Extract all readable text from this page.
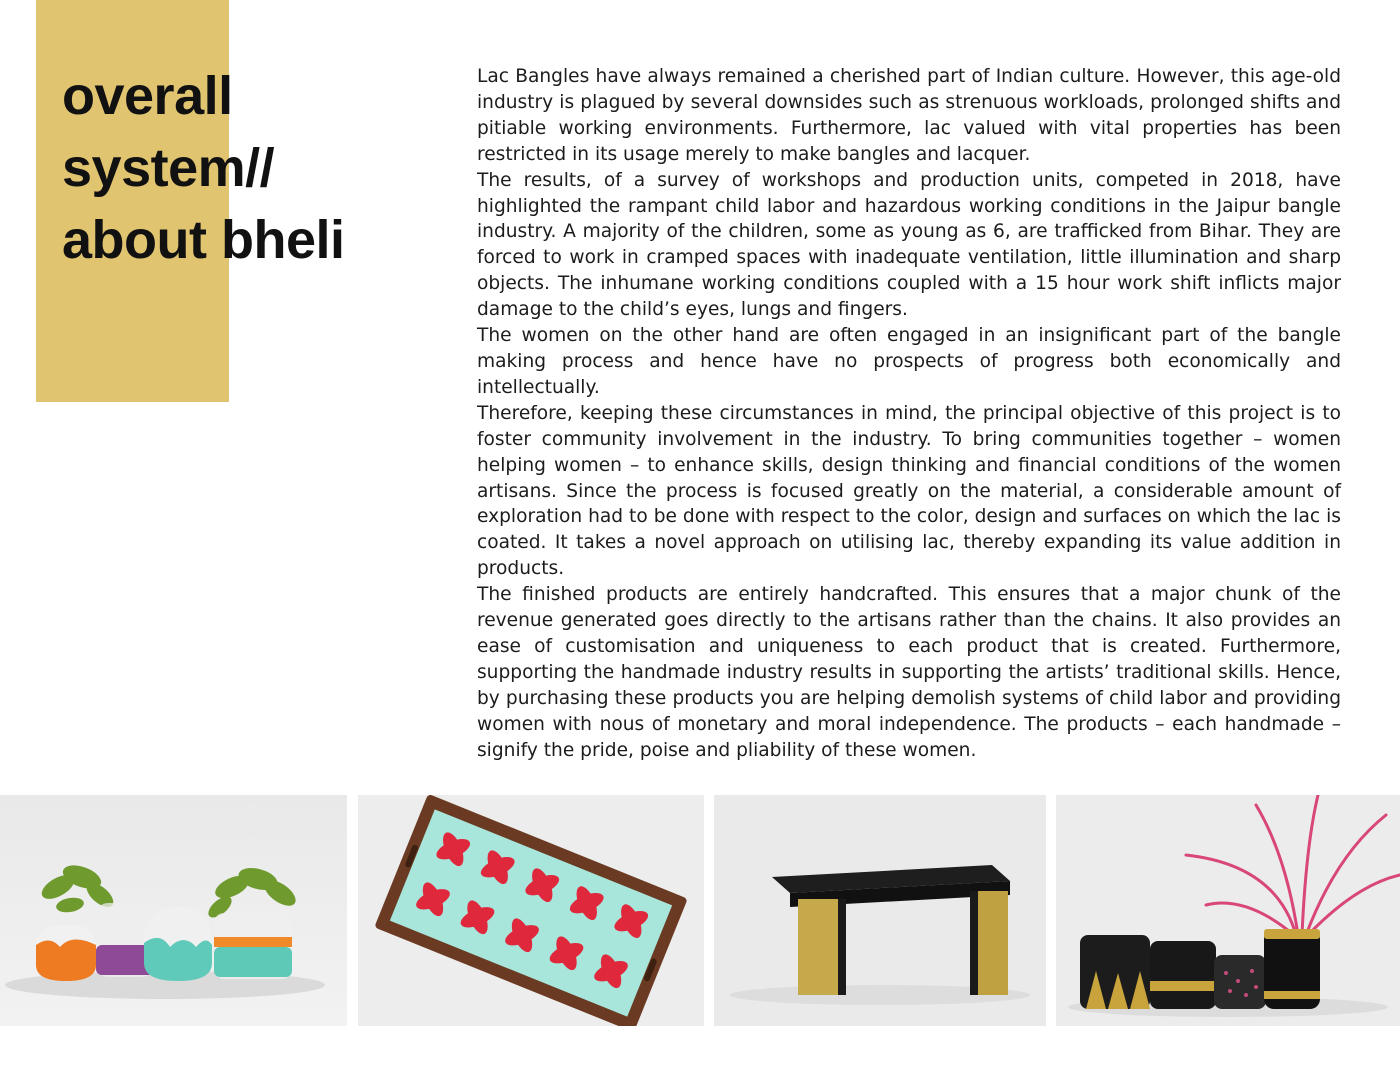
overall
system//
about bheli

Lac Bangles have always remained a cherished part of Indian culture. However, this age-old industry is plagued by several downsides such as strenuous workloads, prolonged shifts and pitiable working environments. Furthermore, lac valued with vital properties has been restricted in its usage merely to make bangles and lacquer.

The results, of a survey of workshops and production units, competed in 2018, have highlighted the rampant child labor and hazardous working conditions in the Jaipur bangle industry. A majority of the children, some as young as 6, are trafficked from Bihar. They are forced to work in cramped spaces with inadequate ventilation, little illumination and sharp objects. The inhumane working conditions coupled with a 15 hour work shift inflicts major damage to the child’s eyes, lungs and fingers.

The women on the other hand are often engaged in an insignificant part of the bangle making process and hence have no prospects of progress both economically and intellectually.

Therefore, keeping these circumstances in mind, the principal objective of this project is to foster community involvement in the industry. To bring communities together – women helping women – to enhance skills, design thinking and financial conditions of the women artisans. Since the process is focused greatly on the material, a considerable amount of exploration had to be done with respect to the color, design and surfaces on which the lac is coated. It takes a novel approach on utilising lac, thereby expanding its value addition in products.

The finished products are entirely handcrafted. This ensures that a major chunk of the revenue generated goes directly to the artisans rather than the chains. It also provides an ease of customisation and uniqueness to each product that is created. Furthermore, supporting the handmade industry results in supporting the artists’ traditional skills. Hence, by purchasing these products you are helping demolish systems of child labor and providing women with nous of monetary and moral independence. The products – each handmade – signify the pride, poise and pliability of these women.
